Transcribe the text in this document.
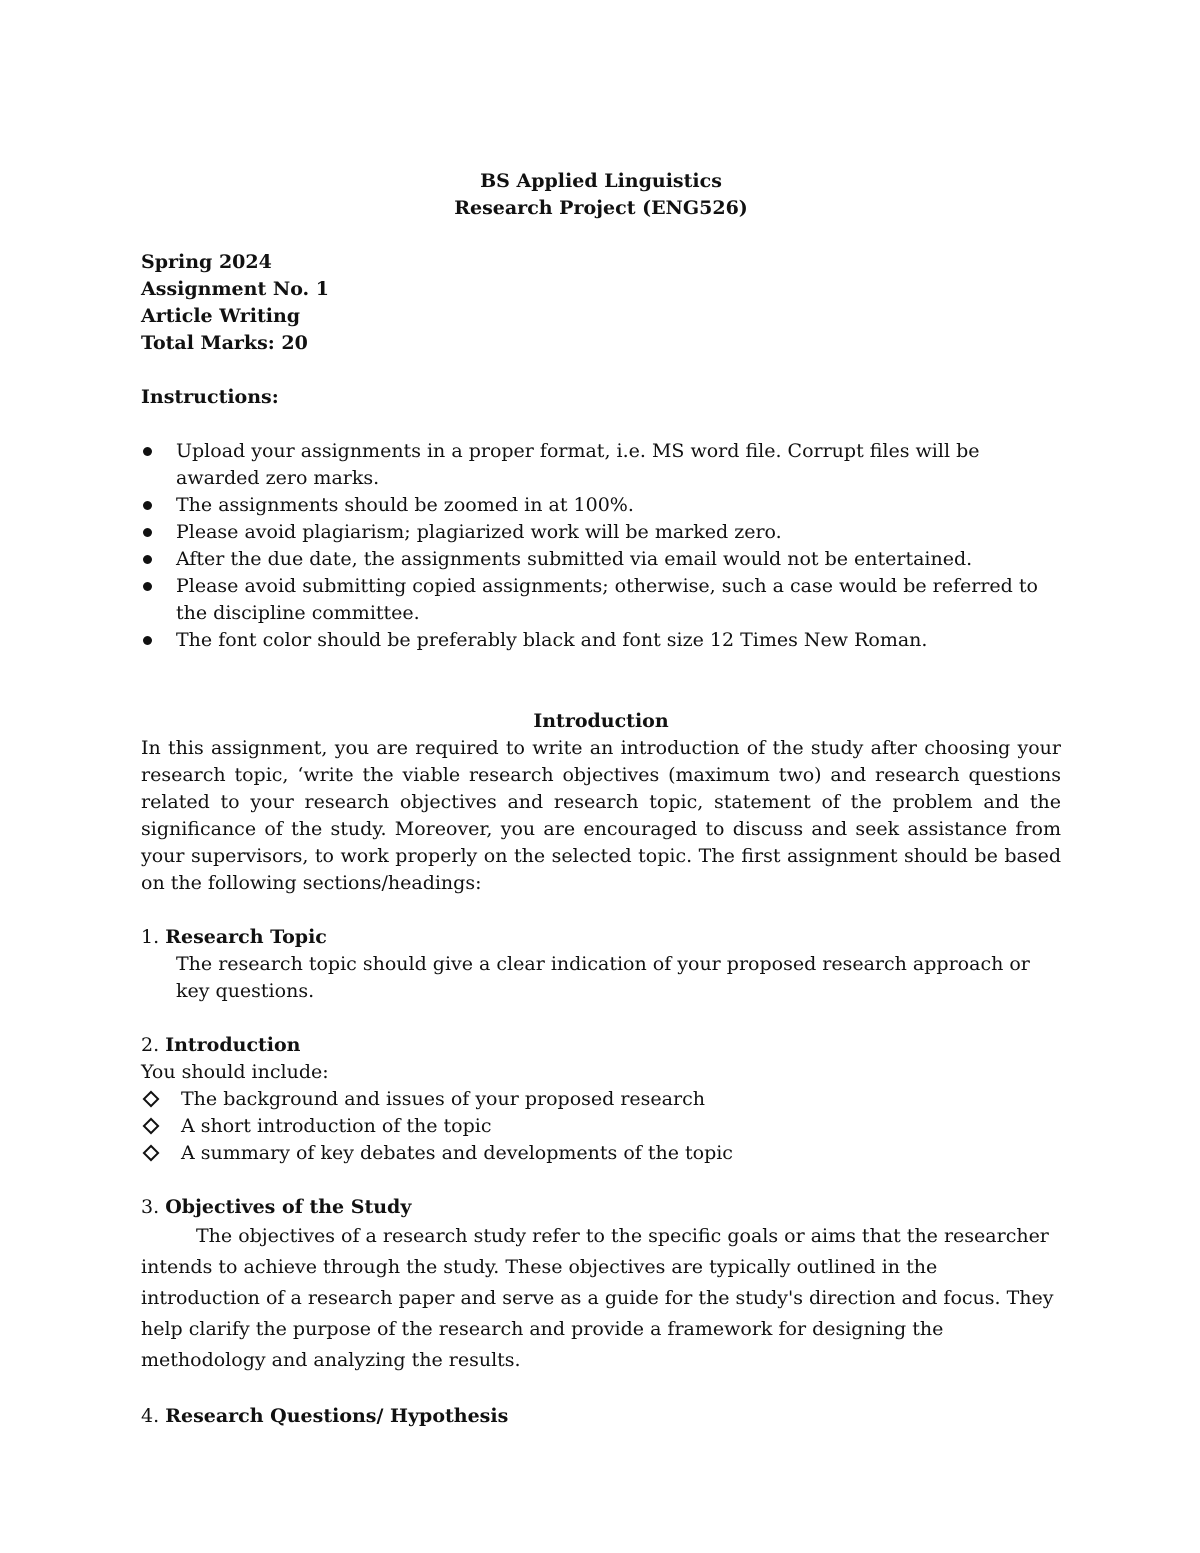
BS Applied Linguistics
Research Project (ENG526)
Spring 2024
Assignment No. 1
Article Writing
Total Marks: 20
Instructions:
Upload your assignments in a proper format, i.e. MS word file. Corrupt files will be awarded zero marks.
The assignments should be zoomed in at 100%.
Please avoid plagiarism; plagiarized work will be marked zero.
After the due date, the assignments submitted via email would not be entertained.
Please avoid submitting copied assignments; otherwise, such a case would be referred to the discipline committee.
The font color should be preferably black and font size 12 Times New Roman.
Introduction
In this assignment, you are required to write an introduction of the study after choosing your research topic, ‘write the viable research objectives (maximum two) and research questions related to your research objectives and research topic, statement of the problem and the significance of the study. Moreover, you are encouraged to discuss and seek assistance from your supervisors, to work properly on the selected topic. The first assignment should be based on the following sections/headings:
1. Research Topic
The research topic should give a clear indication of your proposed research approach or key questions.
2. Introduction
You should include:
The background and issues of your proposed research
A short introduction of the topic
A summary of key debates and developments of the topic
3. Objectives of the Study
The objectives of a research study refer to the specific goals or aims that the researcher intends to achieve through the study. These objectives are typically outlined in the introduction of a research paper and serve as a guide for the study's direction and focus. They help clarify the purpose of the research and provide a framework for designing the methodology and analyzing the results.
4. Research Questions/ Hypothesis
